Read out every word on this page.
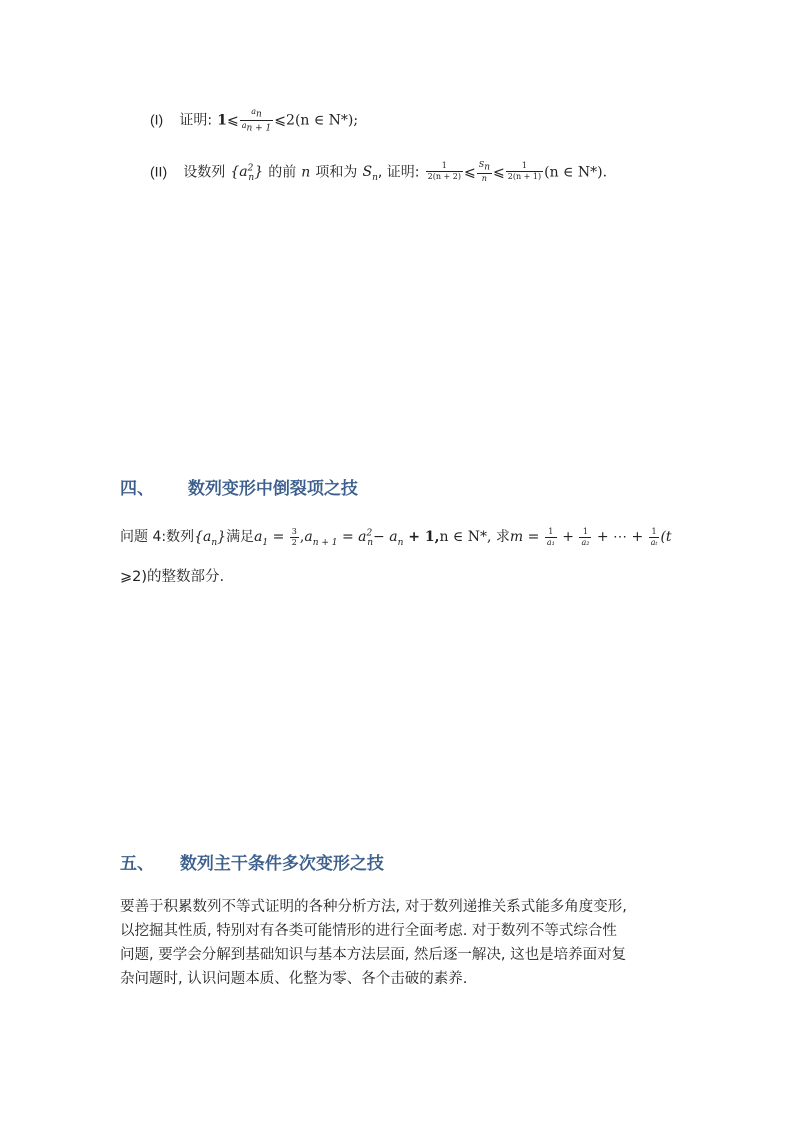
(I) 证明: 1⩽ $\frac{a_n}{a_{n + 1}}$ ⩽2(n ∈ N*);
(II) 设数列 $\{a^2_n\}$ 的前 n 项和为 $S_n$, 证明: $\frac{1}{2(n + 2)}$ ⩽ $\frac{S_n}{n}$ ⩽ $\frac{1}{2(n + 1)} (n$ ∈ N*).
四、 数列变形中倒裂项之技
问题 4:数列$\{a_n\}$满足$a_1 = \frac{3}{2} ,a_{n + 1} = a^2_n- a_n + 1,n$ ∈ N*, 求$m = \frac{1}{\text{a₁}} + \frac{1}{\text{a₂}}$ + ⋯ + $\frac{1}{\text{aₜ}} (t$
⩾2)的整数部分.
五、 数列主干条件多次变形之技
要善于积累数列不等式证明的各种分析方法, 对于数列递推关系式能多角度变形,
以挖掘其性质, 特别对有各类可能情形的进行全面考虑. 对于数列不等式综合性
问题, 要学会分解到基础知识与基本方法层面, 然后逐一解决, 这也是培养面对复
杂问题时, 认识问题本质、化整为零、各个击破的素养.
